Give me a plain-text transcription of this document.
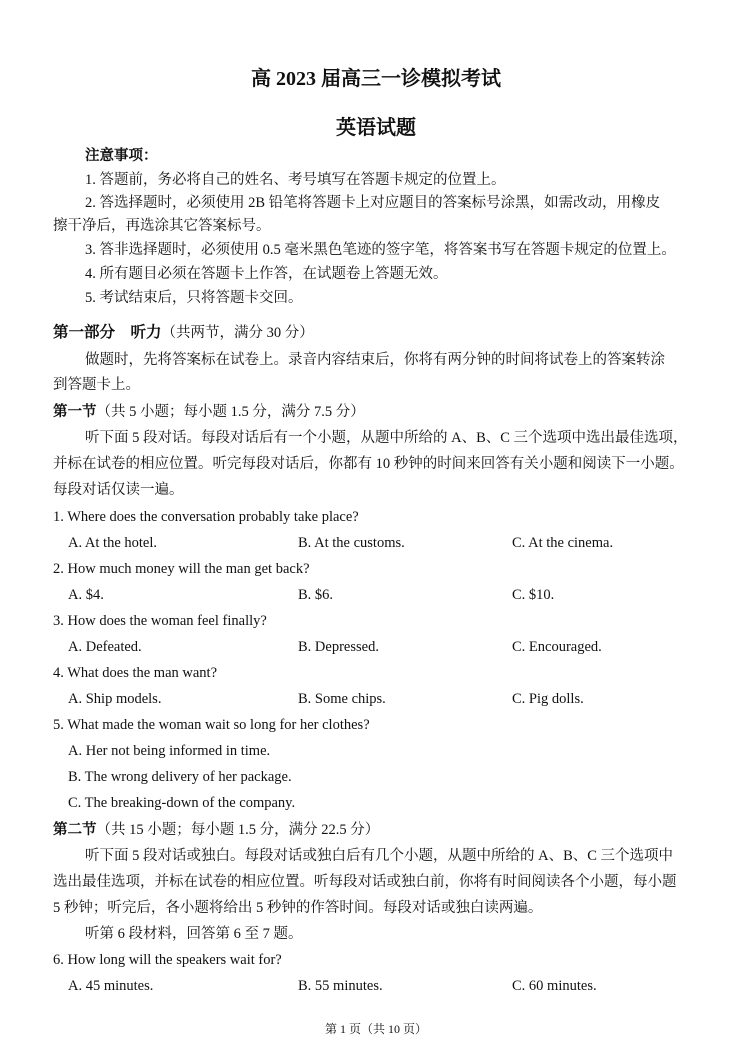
高 2023 届高三一诊模拟考试
英语试题
注意事项：
1. 答题前，务必将自己的姓名、考号填写在答题卡规定的位置上。
2. 答选择题时，必须使用 2B 铅笔将答题卡上对应题目的答案标号涂黑，如需改动，用橡皮
擦干净后，再选涂其它答案标号。
3. 答非选择题时，必须使用 0.5 毫米黑色笔迹的签字笔，将答案书写在答题卡规定的位置上。
4. 所有题目必须在答题卡上作答，在试题卷上答题无效。
5. 考试结束后，只将答题卡交回。
第一部分　听力（共两节，满分 30 分）
做题时，先将答案标在试卷上。录音内容结束后，你将有两分钟的时间将试卷上的答案转涂
到答题卡上。
第一节（共 5 小题；每小题 1.5 分，满分 7.5 分）
听下面 5 段对话。每段对话后有一个小题，从题中所给的 A、B、C 三个选项中选出最佳选项，
并标在试卷的相应位置。听完每段对话后，你都有 10 秒钟的时间来回答有关小题和阅读下一小题。
每段对话仅读一遍。
1. Where does the conversation probably take place?
A. At the hotel.	B. At the customs.	C. At the cinema.
2. How much money will the man get back?
A. $4.	B. $6.	C. $10.
3. How does the woman feel finally?
A. Defeated.	B. Depressed.	C. Encouraged.
4. What does the man want?
A. Ship models.	B. Some chips.	C. Pig dolls.
5. What made the woman wait so long for her clothes?
A. Her not being informed in time.
B. The wrong delivery of her package.
C. The breaking-down of the company.
第二节（共 15 小题；每小题 1.5 分，满分 22.5 分）
听下面 5 段对话或独白。每段对话或独白后有几个小题，从题中所给的 A、B、C 三个选项中
选出最佳选项，并标在试卷的相应位置。听每段对话或独白前，你将有时间阅读各个小题，每小题
5 秒钟；听完后，各小题将给出 5 秒钟的作答时间。每段对话或独白读两遍。
听第 6 段材料，回答第 6 至 7 题。
6. How long will the speakers wait for?
A. 45 minutes.	B. 55 minutes.	C. 60 minutes.
第 1 页（共 10 页）
